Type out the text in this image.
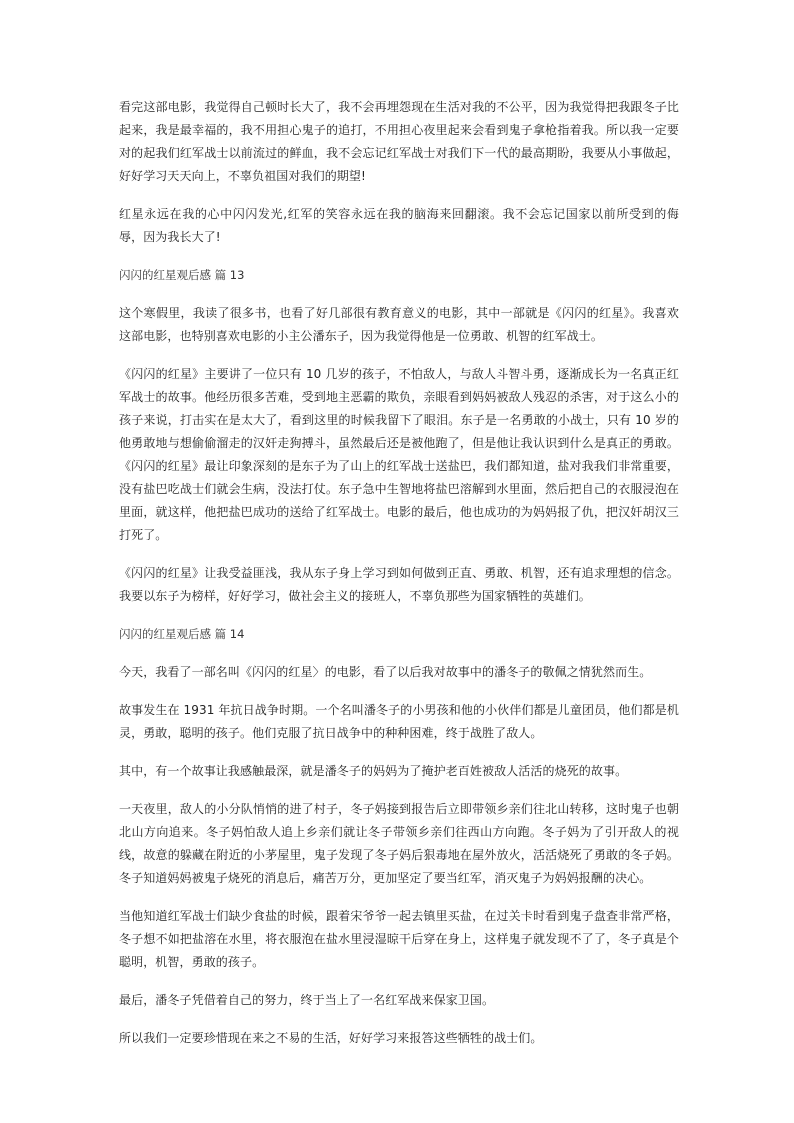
看完这部电影，我觉得自己顿时长大了，我不会再埋怨现在生活对我的不公平，因为我觉得把我跟冬子比起来，我是最幸福的，我不用担心鬼子的追打，不用担心夜里起来会看到鬼子拿枪指着我。所以我一定要对的起我们红军战士以前流过的鲜血，我不会忘记红军战士对我们下一代的最高期盼，我要从小事做起，好好学习天天向上，不辜负祖国对我们的期望!

红星永远在我的心中闪闪发光,红军的笑容永远在我的脑海来回翻滚。我不会忘记国家以前所受到的侮辱，因为我长大了!

闪闪的红星观后感 篇 13

这个寒假里，我读了很多书，也看了好几部很有教育意义的电影，其中一部就是《闪闪的红星》。我喜欢这部电影，也特别喜欢电影的小主公潘东子，因为我觉得他是一位勇敢、机智的红军战士。

《闪闪的红星》主要讲了一位只有 10 几岁的孩子，不怕敌人，与敌人斗智斗勇，逐渐成长为一名真正红军战士的故事。他经历很多苦难，受到地主恶霸的欺负，亲眼看到妈妈被敌人残忍的杀害，对于这么小的孩子来说，打击实在是太大了，看到这里的时候我留下了眼泪。东子是一名勇敢的小战士，只有 10 岁的他勇敢地与想偷偷溜走的汉奸走狗搏斗，虽然最后还是被他跑了，但是他让我认识到什么是真正的勇敢。《闪闪的红星》最让印象深刻的是东子为了山上的红军战士送盐巴，我们都知道，盐对我我们非常重要，没有盐巴吃战士们就会生病，没法打仗。东子急中生智地将盐巴溶解到水里面，然后把自己的衣服浸泡在里面，就这样，他把盐巴成功的送给了红军战士。电影的最后，他也成功的为妈妈报了仇，把汉奸胡汉三打死了。

《闪闪的红星》让我受益匪浅，我从东子身上学习到如何做到正直、勇敢、机智，还有追求理想的信念。我要以东子为榜样，好好学习，做社会主义的接班人，不辜负那些为国家牺牲的英雄们。

闪闪的红星观后感 篇 14

今天，我看了一部名叫《闪闪的红星〉的电影，看了以后我对故事中的潘冬子的敬佩之情犹然而生。

故事发生在 1931 年抗日战争时期。一个名叫潘冬子的小男孩和他的小伙伴们都是儿童团员，他们都是机灵，勇敢，聪明的孩子。他们克服了抗日战争中的种种困难，终于战胜了敌人。

其中，有一个故事让我感触最深，就是潘冬子的妈妈为了掩护老百姓被敌人活活的烧死的故事。

一天夜里，敌人的小分队悄悄的进了村子，冬子妈接到报告后立即带领乡亲们往北山转移，这时鬼子也朝北山方向追来。冬子妈怕敌人追上乡亲们就让冬子带领乡亲们往西山方向跑。冬子妈为了引开敌人的视线，故意的躲藏在附近的小茅屋里，鬼子发现了冬子妈后狠毒地在屋外放火，活活烧死了勇敢的冬子妈。冬子知道妈妈被鬼子烧死的消息后，痛苦万分，更加坚定了要当红军，消灭鬼子为妈妈报酬的决心。

当他知道红军战士们缺少食盐的时候，跟着宋爷爷一起去镇里买盐，在过关卡时看到鬼子盘查非常严格，冬子想不如把盐溶在水里，将衣服泡在盐水里浸湿晾干后穿在身上，这样鬼子就发现不了了，冬子真是个聪明，机智，勇敢的孩子。

最后，潘冬子凭借着自己的努力，终于当上了一名红军战来保家卫国。

所以我们一定要珍惜现在来之不易的生活，好好学习来报答这些牺牲的战士们。
